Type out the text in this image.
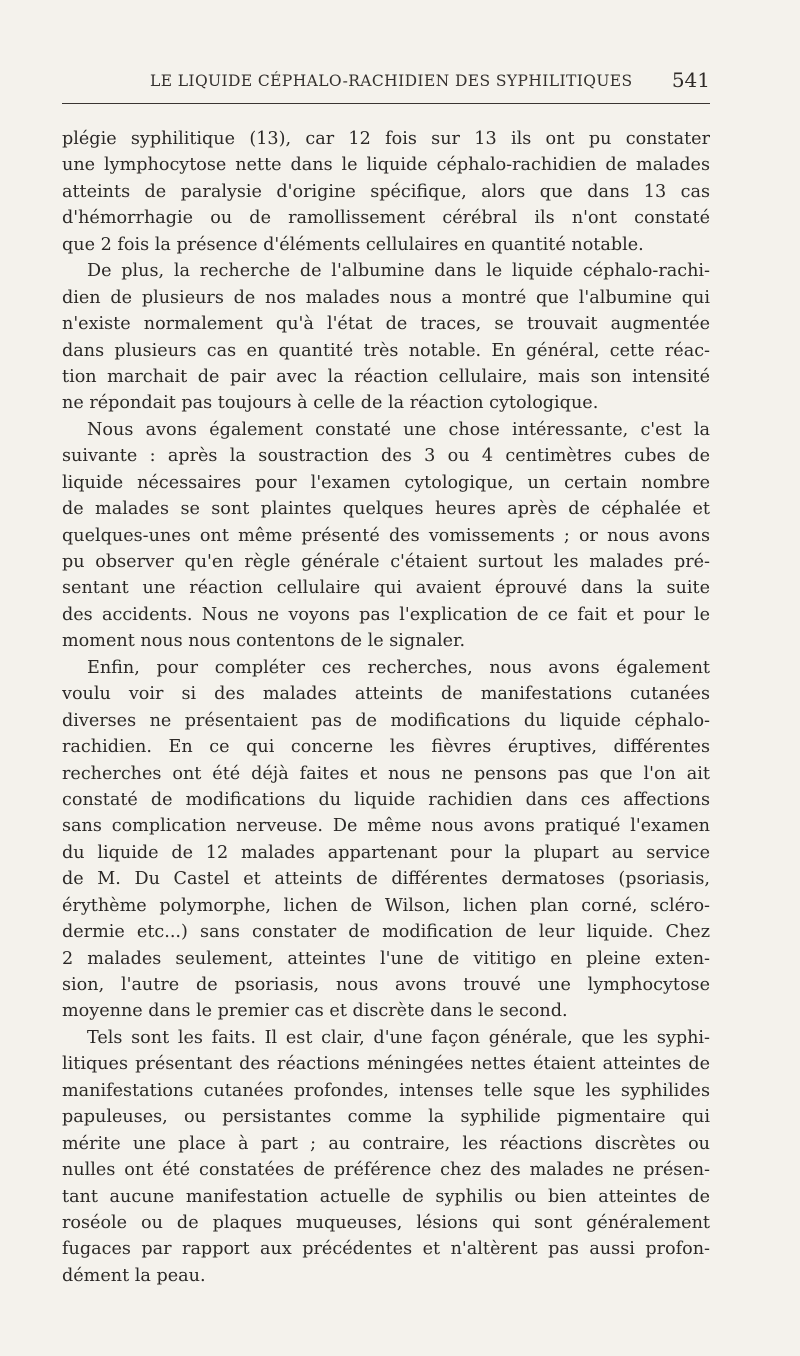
LE LIQUIDE CÉPHALO-RACHIDIEN DES SYPHILITIQUES 541
plégie syphilitique (13), car 12 fois sur 13 ils ont pu constater
une lymphocytose nette dans le liquide céphalo-rachidien de malades
atteints de paralysie d'origine spécifique, alors que dans 13 cas
d'hémorrhagie ou de ramollissement cérébral ils n'ont constaté
que 2 fois la présence d'éléments cellulaires en quantité notable.
De plus, la recherche de l'albumine dans le liquide céphalo-rachi-
dien de plusieurs de nos malades nous a montré que l'albumine qui
n'existe normalement qu'à l'état de traces, se trouvait augmentée
dans plusieurs cas en quantité très notable. En général, cette réac-
tion marchait de pair avec la réaction cellulaire, mais son intensité
ne répondait pas toujours à celle de la réaction cytologique.
Nous avons également constaté une chose intéressante, c'est la
suivante : après la soustraction des 3 ou 4 centimètres cubes de
liquide nécessaires pour l'examen cytologique, un certain nombre
de malades se sont plaintes quelques heures après de céphalée et
quelques-unes ont même présenté des vomissements ; or nous avons
pu observer qu'en règle générale c'étaient surtout les malades pré-
sentant une réaction cellulaire qui avaient éprouvé dans la suite
des accidents. Nous ne voyons pas l'explication de ce fait et pour le
moment nous nous contentons de le signaler.
Enfin, pour compléter ces recherches, nous avons également
voulu voir si des malades atteints de manifestations cutanées
diverses ne présentaient pas de modifications du liquide céphalo-
rachidien. En ce qui concerne les fièvres éruptives, différentes
recherches ont été déjà faites et nous ne pensons pas que l'on ait
constaté de modifications du liquide rachidien dans ces affections
sans complication nerveuse. De même nous avons pratiqué l'examen
du liquide de 12 malades appartenant pour la plupart au service
de M. Du Castel et atteints de différentes dermatoses (psoriasis,
érythème polymorphe, lichen de Wilson, lichen plan corné, scléro-
dermie etc...) sans constater de modification de leur liquide. Chez
2 malades seulement, atteintes l'une de vititigo en pleine exten-
sion, l'autre de psoriasis, nous avons trouvé une lymphocytose
moyenne dans le premier cas et discrète dans le second.
Tels sont les faits. Il est clair, d'une façon générale, que les syphi-
litiques présentant des réactions méningées nettes étaient atteintes de
manifestations cutanées profondes, intenses telle sque les syphilides
papuleuses, ou persistantes comme la syphilide pigmentaire qui
mérite une place à part ; au contraire, les réactions discrètes ou
nulles ont été constatées de préférence chez des malades ne présen-
tant aucune manifestation actuelle de syphilis ou bien atteintes de
roséole ou de plaques muqueuses, lésions qui sont généralement
fugaces par rapport aux précédentes et n'altèrent pas aussi profon-
dément la peau.
